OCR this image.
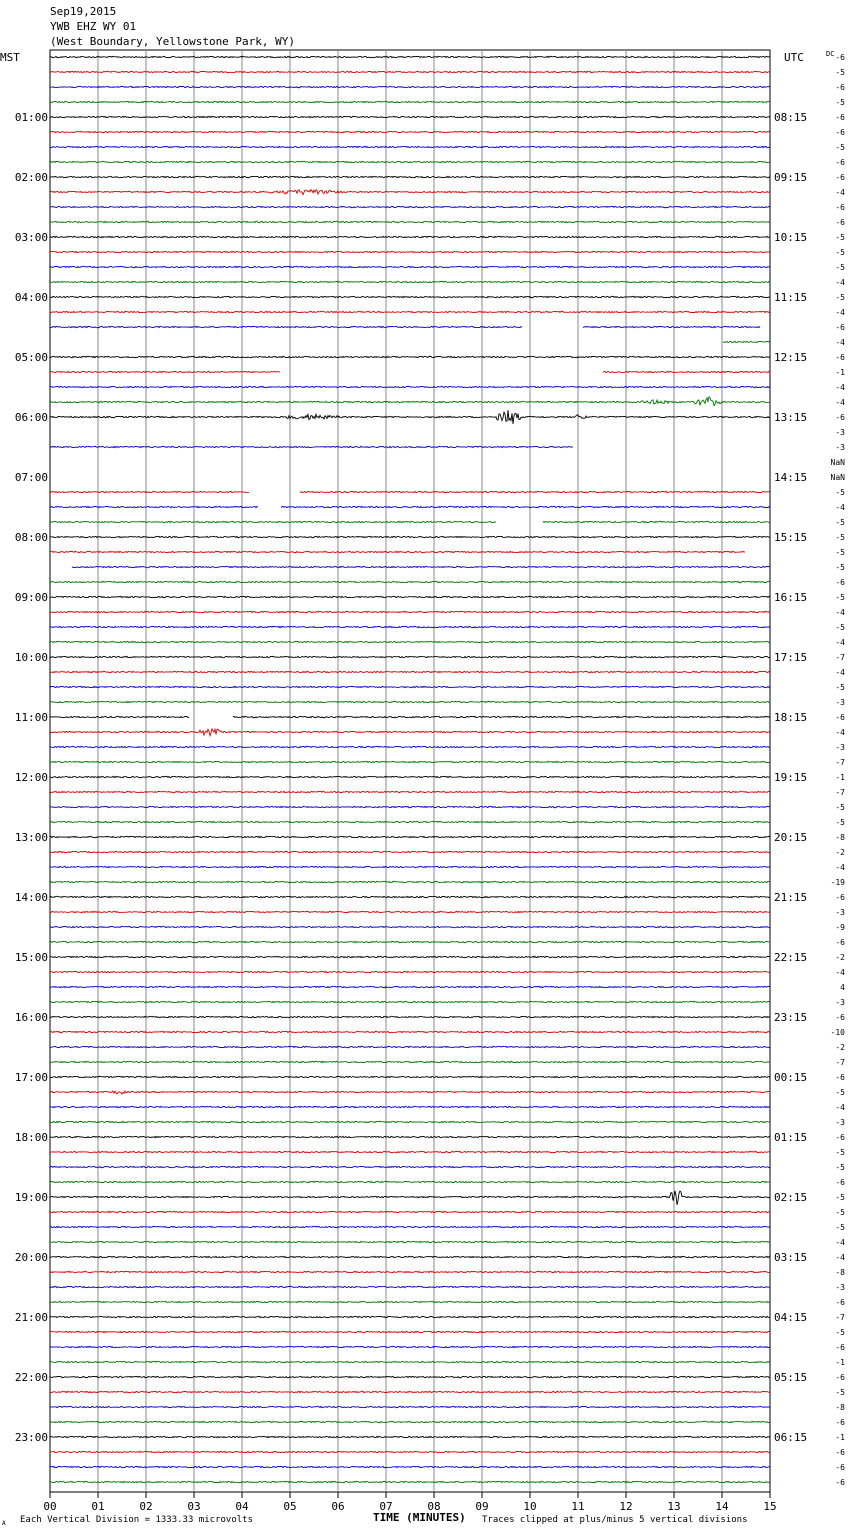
Sep19,2015
YWB EHZ WY 01
(West Boundary, Yellowstone Park, WY)
00	01	02	03	04	05	06	07	08	09	10	11	12	13	14	15
-6
-5
-6
-5
-6
-6
-5
-6
-6
-4
-6
-6
-5
-5
-5
-4
-5
-4
-6
-4
-6
-1
-4
-4
-6
-3
-3
NaN
NaN
-5
-4
-5
-5
-5
-5
-6
-5
-4
-5
-4
-7
-4
-5
-3
-6
-4
-3
-7
-1
-7
-5
-5
-8
-2
-4
-19
-6
-3
-9
-6
-2
-4
4
-3
-6
-10
-2
-7
-6
-5
-4
-3
-6
-5
-5
-6
-5
-5
-5
-4
-4
-8
-3
-6
-7
-5
-6
-1
-6
-5
-8
-6
-1
-6
-6
-6
01:00	08:15
02:00	09:15
03:00	10:15
04:00	11:15
05:00	12:15
06:00	13:15
07:00	14:15
08:00	15:15
09:00	16:15
10:00	17:15
11:00	18:15
12:00	19:15
13:00	20:15
14:00	21:15
15:00	22:15
16:00	23:15
17:00	00:15
18:00	01:15
19:00	02:15
20:00	03:15
21:00	04:15
22:00	05:15
23:00	06:15
MST	UTC	DC
Each Vertical Division = 1333.33 microvolts	TIME (MINUTES) Traces clipped at plus/minus 5 vertical divisions
A
